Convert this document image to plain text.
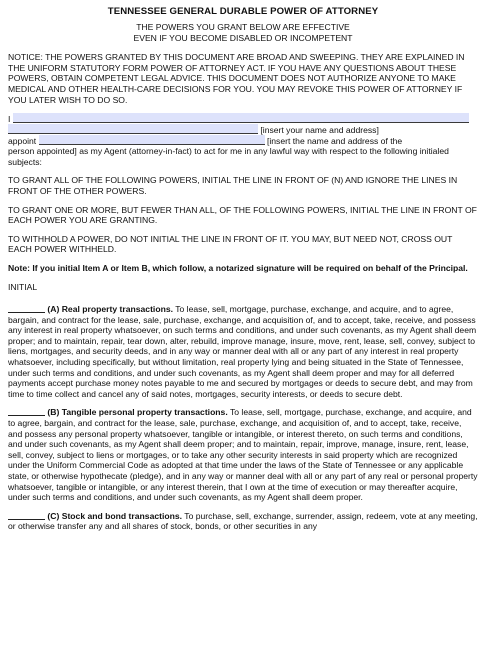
TENNESSEE GENERAL DURABLE POWER OF ATTORNEY
THE POWERS YOU GRANT BELOW ARE EFFECTIVE
EVEN IF YOU BECOME DISABLED OR INCOMPETENT

NOTICE: THE POWERS GRANTED BY THIS DOCUMENT ARE BROAD AND SWEEPING. THEY ARE EXPLAINED IN THE UNIFORM STATUTORY FORM POWER OF ATTORNEY ACT. IF YOU HAVE ANY QUESTIONS ABOUT THESE POWERS, OBTAIN COMPETENT LEGAL ADVICE. THIS DOCUMENT DOES NOT AUTHORIZE ANYONE TO MAKE MEDICAL AND OTHER HEALTH-CARE DECISIONS FOR YOU. YOU MAY REVOKE THIS POWER OF ATTORNEY IF YOU LATER WISH TO DO SO.

I
[insert your name and address]
appoint	[insert the name and address of the

person appointed] as my Agent (attorney-in-fact) to act for me in any lawful way with respect to the following initialed subjects:

TO GRANT ALL OF THE FOLLOWING POWERS, INITIAL THE LINE IN FRONT OF (N) AND IGNORE THE LINES IN FRONT OF THE OTHER POWERS.

TO GRANT ONE OR MORE, BUT FEWER THAN ALL, OF THE FOLLOWING POWERS, INITIAL THE LINE IN FRONT OF EACH POWER YOU ARE GRANTING.

TO WITHHOLD A POWER, DO NOT INITIAL THE LINE IN FRONT OF IT. YOU MAY, BUT NEED NOT, CROSS OUT EACH POWER WITHHELD.

Note: If you initial Item A or Item B, which follow, a notarized signature will be required on behalf of the Principal.

INITIAL

(A) Real property transactions. To lease, sell, mortgage, purchase, exchange, and acquire, and to agree, bargain, and contract for the lease, sale, purchase, exchange, and acquisition of, and to accept, take, receive, and possess any interest in real property whatsoever, on such terms and conditions, and under such covenants, as my Agent shall deem proper; and to maintain, repair, tear down, alter, rebuild, improve manage, insure, move, rent, lease, sell, convey, subject to liens, mortgages, and security deeds, and in any way or manner deal with all or any part of any interest in real property whatsoever, including specifically, but without limitation, real property lying and being situated in the State of Tennessee, under such terms and conditions, and under such covenants, as my Agent shall deem proper and may for all deferred payments accept purchase money notes payable to me and secured by mortgages or deeds to secure debt, and may from time to time collect and cancel any of said notes, mortgages, security interests, or deeds to secure debt.

(B) Tangible personal property transactions. To lease, sell, mortgage, purchase, exchange, and acquire, and to agree, bargain, and contract for the lease, sale, purchase, exchange, and acquisition of, and to accept, take, receive, and possess any personal property whatsoever, tangible or intangible, or interest thereto, on such terms and conditions, and under such covenants, as my Agent shall deem proper; and to maintain, repair, improve, manage, insure, rent, lease, sell, convey, subject to liens or mortgages, or to take any other security interests in said property which are recognized under the Uniform Commercial Code as adopted at that time under the laws of the State of Tennessee or any applicable state, or otherwise hypothecate (pledge), and in any way or manner deal with all or any part of any real or personal property whatsoever, tangible or intangible, or any interest therein, that I own at the time of execution or may thereafter acquire, under such terms and conditions, and under such covenants, as my Agent shall deem proper.

(C) Stock and bond transactions. To purchase, sell, exchange, surrender, assign, redeem, vote at any meeting, or otherwise transfer any and all shares of stock, bonds, or other securities in any
